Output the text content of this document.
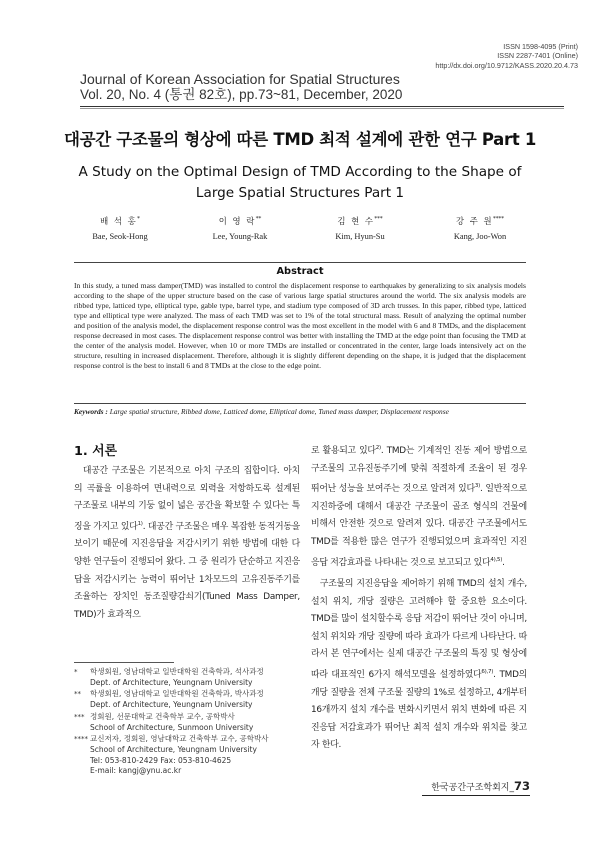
ISSN 1598-4095 (Print)
ISSN 2287-7401 (Online)
http://dx.doi.org/10.9712/KASS.2020.20.4.73
Journal of Korean Association for Spatial Structures
Vol. 20, No. 4 (통권 82호), pp.73~81, December, 2020
대공간 구조물의 형상에 따른 TMD 최적 설계에 관한 연구 Part 1
A Study on the Optimal Design of TMD According to the Shape of Large Spatial Structures Part 1
배 석 홍*
Bae, Seok-Hong
이 영 락**
Lee, Young-Rak
김 현 수***
Kim, Hyun-Su
강 주 원****
Kang, Joo-Won
Abstract
In this study, a tuned mass damper(TMD) was installed to control the displacement response to earthquakes by generalizing to six analysis models according to the shape of the upper structure based on the case of various large spatial structures around the world. The six analysis models are ribbed type, latticed type, elliptical type, gable type, barrel type, and stadium type composed of 3D arch trusses. In this paper, ribbed type, latticed type and elliptical type were analyzed. The mass of each TMD was set to 1% of the total structural mass. Result of analyzing the optimal number and position of the analysis model, the displacement response control was the most excellent in the model with 6 and 8 TMDs, and the displacement response decreased in most cases. The displacement response control was better with installing the TMD at the edge point than focusing the TMD at the center of the analysis model. However, when 10 or more TMDs are installed or concentrated in the center, large loads intensively act on the structure, resulting in increased displacement. Therefore, although it is slightly different depending on the shape, it is judged that the displacement response control is the best to install 6 and 8 TMDs at the close to the edge point.
Keywords : Large spatial structure, Ribbed dome, Latticed dome, Elliptical dome, Tuned mass damper, Displacement response
1. 서론

대공간 구조물은 기본적으로 아치 구조의 집합이다. 아치의 곡률을 이용하여 면내력으로 외력을 저항하도록 설계된 구조물로 내부의 기둥 없이 넓은 공간을 확보할 수 있다는 특징을 가지고 있다$^{1)}$. 대공간 구조물은 매우 복잡한 동적거동을 보이기 때문에 지진응답을 저감시키기 위한 방법에 대한 다양한 연구들이 진행되어 왔다. 그 중 원리가 단순하고 지진응답을 저감시키는 능력이 뛰어난 1차모드의 고유진동주기를 조율하는 장치인 동조질량감쇠기(Tuned Mass Damper, TMD)가 효과적으

로 활용되고 있다$^{2)}$. TMD는 기계적인 진동 제어 방법으로 구조물의 고유진동주기에 맞춰 적절하게 조율이 된 경우 뛰어난 성능을 보여주는 것으로 알려져 있다$^{3)}$. 일반적으로 지진하중에 대해서 대공간 구조물이 골조 형식의 건물에 비해서 안전한 것으로 알려져 있다. 대공간 구조물에서도 TMD를 적용한 많은 연구가 진행되었으며 효과적인 지진응답 저감효과를 나타내는 것으로 보고되고 있다$^{4),5)}$.

구조물의 지진응답을 제어하기 위해 TMD의 설치 개수, 설치 위치, 개당 질량은 고려해야 할 중요한 요소이다. TMD를 많이 설치할수록 응답 저감이 뛰어난 것이 아니며, 설치 위치와 개당 질량에 따라 효과가 다르게 나타난다. 따라서 본 연구에서는 실제 대공간 구조물의 특징 및 형상에 따라 대표적인 6가지 해석모델을 설정하였다$^{6),7)}$. TMD의 개당 질량을 전체 구조물 질량의 1%로 설정하고, 4개부터 16개까지 설치 개수를 변화시키면서 위치 변화에 따른 지진응답 저감효과가 뛰어난 최적 설치 개수와 위치를 찾고자 한다.

*	학생회원, 영남대학교 일반대학원 건축학과, 석사과정
Dept. of Architecture, Yeungnam University
**	학생회원, 영남대학교 일반대학원 건축학과, 박사과정
Dept. of Architecture, Yeungnam University
*** 정회원, 선문대학교 건축학부 교수, 공학박사
School of Architecture, Sunmoon University
**** 교신저자, 정회원, 영남대학교 건축학부 교수, 공학박사
School of Architecture, Yeungnam University
Tel: 053-810-2429 Fax: 053-810-4625
E-mail: kangj@ynu.ac.kr
한국공간구조학회지_73
